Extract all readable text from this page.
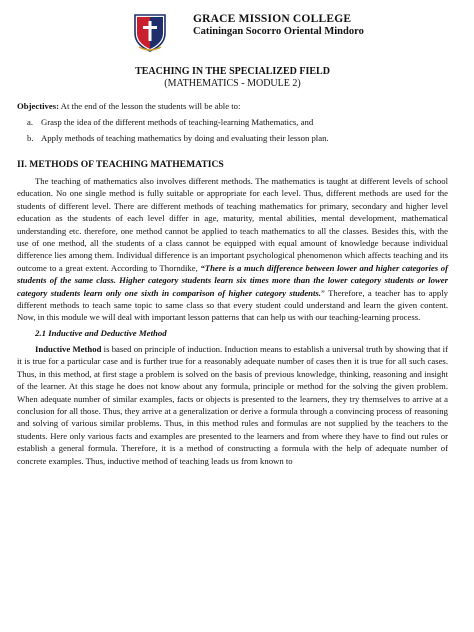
GRACE MISSION COLLEGE
Catiningan Socorro Oriental Mindoro
TEACHING IN THE SPECIALIZED FIELD
(MATHEMATICS - MODULE 2)
Objectives: At the end of the lesson the students will be able to:
a. Grasp the idea of the different methods of teaching-learning Mathematics, and
b. Apply methods of teaching mathematics by doing and evaluating their lesson plan.
II. METHODS OF TEACHING MATHEMATICS

The teaching of mathematics also involves different methods. The mathematics is taught at different levels of school education. No one single method is fully suitable or appropriate for each level. Thus, different methods are used for the students of different level. There are different methods of teaching mathematics for primary, secondary and higher level education as the students of each level differ in age, maturity, mental abilities, mental development, mathematical understanding etc. therefore, one method cannot be applied to teach mathematics to all the classes. Besides this, with the use of one method, all the students of a class cannot be equipped with equal amount of knowledge because individual difference lies among them. Individual difference is an important psychological phenomenon which affects teaching and its outcome to a great extent. According to Thorndike, “There is a much difference between lower and higher categories of students of the same class. Higher category students learn six times more than the lower category students or lower category students learn only one sixth in comparison of higher category students.” Therefore, a teacher has to apply different methods to teach same topic to same class so that every student could understand and learn the given content. Now, in this module we will deal with important lesson patterns that can help us with our teaching-learning process.

2.1 Inductive and Deductive Method

Inductive Method is based on principle of induction. Induction means to establish a universal truth by showing that if it is true for a particular case and is further true for a reasonably adequate number of cases then it is true for all such cases. Thus, in this method, at first stage a problem is solved on the basis of previous knowledge, thinking, reasoning and insight of the learner. At this stage he does not know about any formula, principle or method for the solving the given problem. When adequate number of similar examples, facts or objects is presented to the learners, they try themselves to arrive at a conclusion for all those. Thus, they arrive at a generalization or derive a formula through a convincing process of reasoning and solving of various similar problems. Thus, in this method rules and formulas are not supplied by the teachers to the students. Here only various facts and examples are presented to the learners and from where they have to find out rules or establish a general formula. Therefore, it is a method of constructing a formula with the help of adequate number of concrete examples. Thus, inductive method of teaching leads us from known to
